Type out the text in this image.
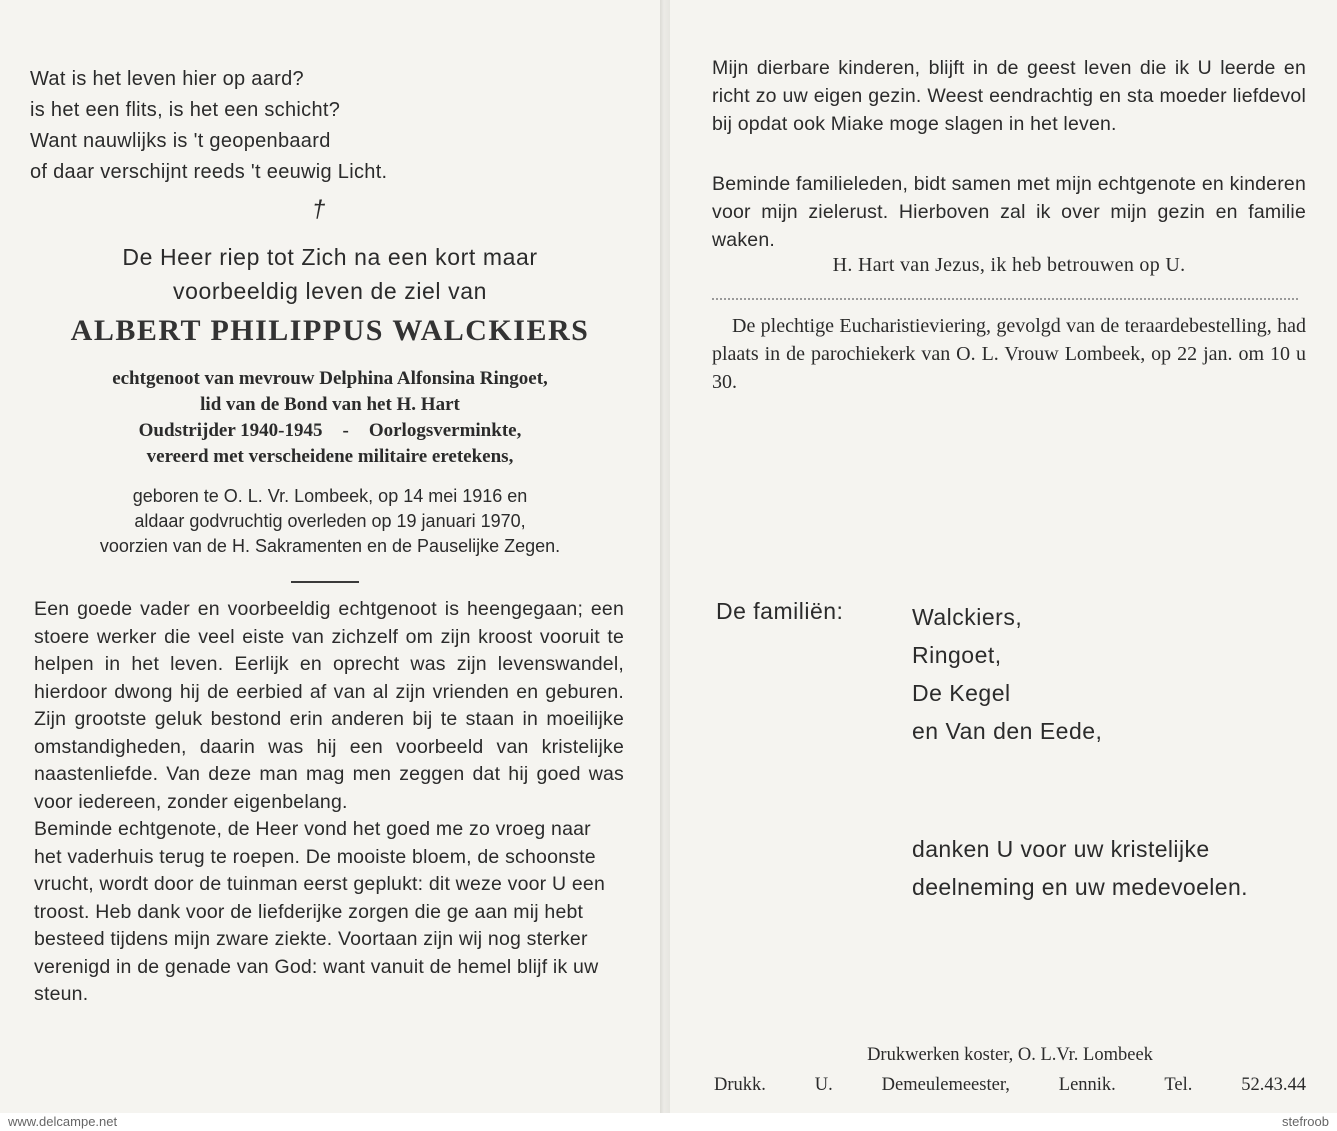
Wat is het leven hier op aard?
is het een flits, is het een schicht?
Want nauwlijks is 't geopenbaard
of daar verschijnt reeds 't eeuwig Licht.
†
De Heer riep tot Zich na een kort maar
voorbeeldig leven de ziel van
ALBERT PHILIPPUS WALCKIERS
echtgenoot van mevrouw Delphina Alfonsina Ringoet,
lid van de Bond van het H. Hart
Oudstrijder 1940-1945 - Oorlogsverminkte,
vereerd met verscheidene militaire eretekens,
geboren te O. L. Vr. Lombeek, op 14 mei 1916 en
aldaar godvruchtig overleden op 19 januari 1970,
voorzien van de H. Sakramenten en de Pauselijke Zegen.

Een goede vader en voorbeeldig echtgenoot is heengegaan; een stoere werker die veel eiste van zichzelf om zijn kroost vooruit te helpen in het leven. Eerlijk en oprecht was zijn levenswandel, hierdoor dwong hij de eerbied af van al zijn vrienden en geburen. Zijn grootste geluk bestond erin anderen bij te staan in moeilijke omstandigheden, daarin was hij een voorbeeld van kristelijke naastenliefde. Van deze man mag men zeggen dat hij goed was voor iedereen, zonder eigenbelang.

Beminde echtgenote, de Heer vond het goed me zo vroeg naar het vaderhuis terug te roepen. De mooiste bloem, de schoonste vrucht, wordt door de tuinman eerst geplukt: dit weze voor U een troost. Heb dank voor de liefderijke zorgen die ge aan mij hebt besteed tijdens mijn zware ziekte. Voortaan zijn wij nog sterker verenigd in de genade van God: want vanuit de hemel blijf ik uw steun.

Mijn dierbare kinderen, blijft in de geest leven die ik U leerde en richt zo uw eigen gezin. Weest eendrachtig en sta moeder liefdevol bij opdat ook Miake moge slagen in het leven.

Beminde familieleden, bidt samen met mijn echtgenote en kinderen voor mijn zielerust. Hierboven zal ik over mijn gezin en familie waken.

H. Hart van Jezus, ik heb betrouwen op U.

De plechtige Eucharistieviering, gevolgd van de teraardebestelling, had plaats in de parochiekerk van O. L. Vrouw Lombeek, op 22 jan. om 10 u 30.

De familiën:	Walckiers,
Ringoet,
De Kegel
en Van den Eede,
danken U voor uw kristelijke
deelneming en uw medevoelen.
Drukwerken koster, O. L.Vr. Lombeek
Drukk. U. Demeulemeester, Lennik. Tel. 52.43.44
www.delcampe.net	stefroob
